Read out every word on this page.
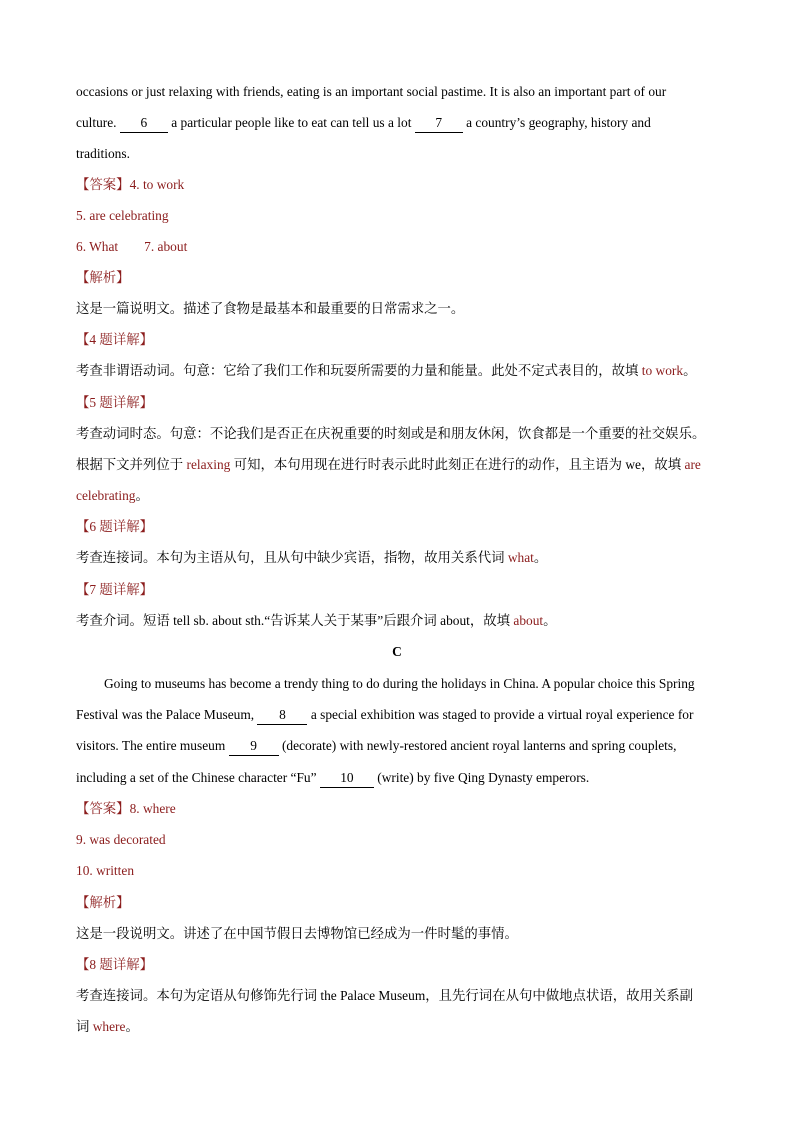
occasions or just relaxing with friends, eating is an important social pastime. It is also an important part of our
culture. 6 a particular people like to eat can tell us a lot 7 a country’s geography, history and
traditions.
【答案】4. to work
5. are celebrating
6. What 7. about
【解析】
这是一篇说明文。描述了食物是最基本和最重要的日常需求之一。
【4 题详解】
考查非谓语动词。句意：它给了我们工作和玩耍所需要的力量和能量。此处不定式表目的，故填 to work。
【5 题详解】
考查动词时态。句意：不论我们是否正在庆祝重要的时刻或是和朋友休闲，饮食都是一个重要的社交娱乐。
根据下文并列位于 relaxing 可知，本句用现在进行时表示此时此刻正在进行的动作，且主语为 we，故填 are
celebrating。
【6 题详解】
考查连接词。本句为主语从句，且从句中缺少宾语，指物，故用关系代词 what。
【7 题详解】
考查介词。短语 tell sb. about sth.“告诉某人关于某事”后跟介词 about，故填 about。
C
Going to museums has become a trendy thing to do during the holidays in China. A popular choice this Spring
Festival was the Palace Museum, 8 a special exhibition was staged to provide a virtual royal experience for
visitors. The entire museum 9 (decorate) with newly-restored ancient royal lanterns and spring couplets,
including a set of the Chinese character “Fu” 10 (write) by five Qing Dynasty emperors.
【答案】8. where
9. was decorated
10. written
【解析】
这是一段说明文。讲述了在中国节假日去博物馆已经成为一件时髦的事情。
【8 题详解】
考查连接词。本句为定语从句修饰先行词 the Palace Museum，且先行词在从句中做地点状语，故用关系副
词 where。
